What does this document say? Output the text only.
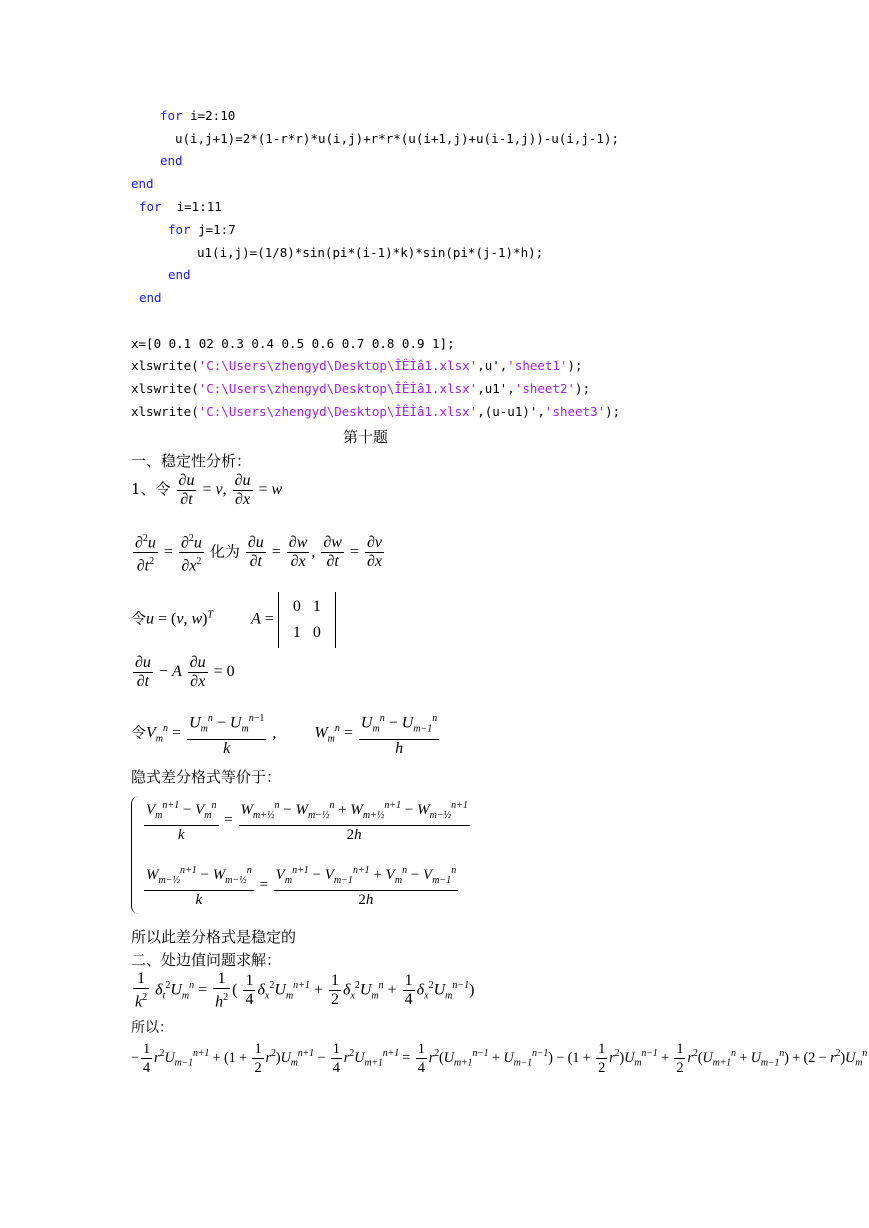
for i=2:10
u(i,j+1)=2*(1-r*r)*u(i,j)+r*r*(u(i+1,j)+u(i-1,j))-u(i,j-1);
end
end
for  i=1:11
for j=1:7
u1(i,j)=(1/8)*sin(pi*(i-1)*k)*sin(pi*(j-1)*h);
end
end
x=[0 0.1 02 0.3 0.4 0.5 0.6 0.7 0.8 0.9 1];
xlswrite('C:\Users\zhengyd\Desktop\ÎÊÌâ1.xlsx',u','sheet1');
xlswrite('C:\Users\zhengyd\Desktop\ÎÊÌâ1.xlsx',u1','sheet2');
xlswrite('C:\Users\zhengyd\Desktop\ÎÊÌâ1.xlsx',(u-u1)','sheet3');
第十题
一、稳定性分析：
1、令 $\frac{\partial u}{\partial t} = v$, $\frac{\partial u}{\partial x} = w$
$\frac{\partial^2u}{\partial t^2} = \frac{\partial^2u}{\partial x^2}$ 化为 $\frac{\partial u}{\partial t} = \frac{\partial w}{\partial x}$ , $\frac{\partial w}{\partial t} = \frac{\partial v}{\partial x}$
令u = (v, w)$^T$ A =
0	1
1	0
$\frac{\partial u}{\partial t} - A \frac{\partial u}{\partial x} = 0$
令$V_m^n = \frac{U_m^n - U_m^{n-1}}{k}$ ,  $W_m^n = \frac{U_m^n - U_{m-1}^n}{h}$
隐式差分格式等价于：
$\frac{V_m^{n+1} - V_m^n}{k} = \frac{W_{m+\frac{1}{2}}^n - W_{m-\frac{1}{2}}^n + W_{m+\frac{1}{2}}^{n+1} - W_{m-\frac{1}{2}}^{n+1}}{2h}$
$\frac{W_{m-\frac{1}{2}}^{n+1} - W_{m-\frac{1}{2}}^n}{k} = \frac{V_m^{n+1} - V_{m-1}^{n+1} + V_m^n - V_{m-1}^n}{2h}$
所以此差分格式是稳定的
二、处边值问题求解：
$\frac{1}{k^2} \delta_t^2U_m^n = \frac{1}{h^2}$ ( $\frac{1}{4} \delta_x^2U_m^{n+1} + \frac{1}{2} \delta_x^2U_m^n + \frac{1}{4} \delta_x^2U_m^{n-1}$)
所以：
− $\frac{1}{4} r^2U_{m-1}^{n+1} + (1 + \frac{1}{2} r^2)U_m^{n+1} - \frac{1}{4} r^2U_{m+1}^{n+1} = \frac{1}{4} r^2(U_{m+1}^{n-1} + U_{m-1}^{n-1}) - (1 + \frac{1}{2} r^2)U_m^{n-1} + \frac{1}{2} r^2(U_{m+1}^n + U_{m-1}^n) + (2 - r^2)U_m^n$
